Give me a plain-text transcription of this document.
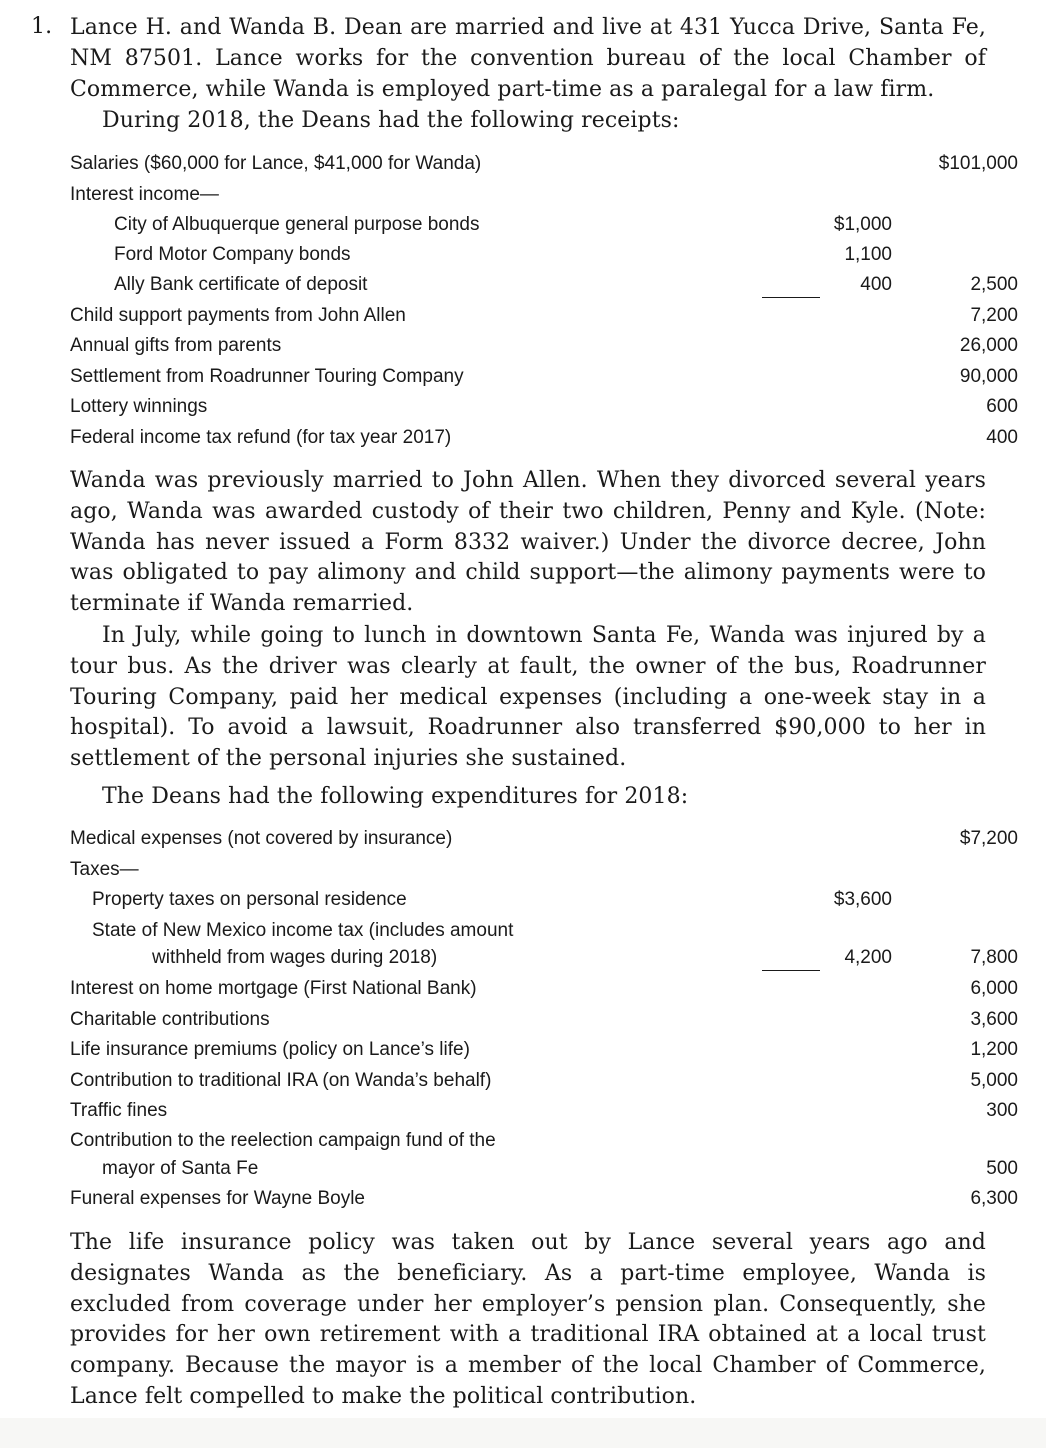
1. Lance H. and Wanda B. Dean are married and live at 431 Yucca Drive, Santa Fe, NM 87501. Lance works for the convention bureau of the local Chamber of Commerce, while Wanda is employed part-time as a paralegal for a law firm.
During 2018, the Deans had the following receipts:
Salaries ($60,000 for Lance, $41,000 for Wanda)	$101,000
Interest income—
City of Albuquerque general purpose bonds	$1,000
Ford Motor Company bonds	1,100
Ally Bank certificate of deposit	400	2,500
Child support payments from John Allen	7,200
Annual gifts from parents	26,000
Settlement from Roadrunner Touring Company	90,000
Lottery winnings	600
Federal income tax refund (for tax year 2017)	400
Wanda was previously married to John Allen. When they divorced several years ago, Wanda was awarded custody of their two children, Penny and Kyle. (Note: Wanda has never issued a Form 8332 waiver.) Under the divorce decree, John was obligated to pay alimony and child support—the alimony payments were to terminate if Wanda remarried.
In July, while going to lunch in downtown Santa Fe, Wanda was injured by a tour bus. As the driver was clearly at fault, the owner of the bus, Roadrunner Touring Company, paid her medical expenses (including a one-week stay in a hospital). To avoid a lawsuit, Roadrunner also transferred $90,000 to her in settlement of the personal injuries she sustained.
The Deans had the following expenditures for 2018:
Medical expenses (not covered by insurance)	$7,200
Taxes—
Property taxes on personal residence	$3,600
State of New Mexico income tax (includes amount
withheld from wages during 2018)	4,200	7,800
Interest on home mortgage (First National Bank)	6,000
Charitable contributions	3,600
Life insurance premiums (policy on Lance’s life)	1,200
Contribution to traditional IRA (on Wanda’s behalf)	5,000
Traffic fines	300
Contribution to the reelection campaign fund of the
mayor of Santa Fe	500
Funeral expenses for Wayne Boyle	6,300
The life insurance policy was taken out by Lance several years ago and designates Wanda as the beneficiary. As a part-time employee, Wanda is excluded from coverage under her employer’s pension plan. Consequently, she provides for her own retirement with a traditional IRA obtained at a local trust company. Because the mayor is a member of the local Chamber of Commerce, Lance felt compelled to make the political contribution.
